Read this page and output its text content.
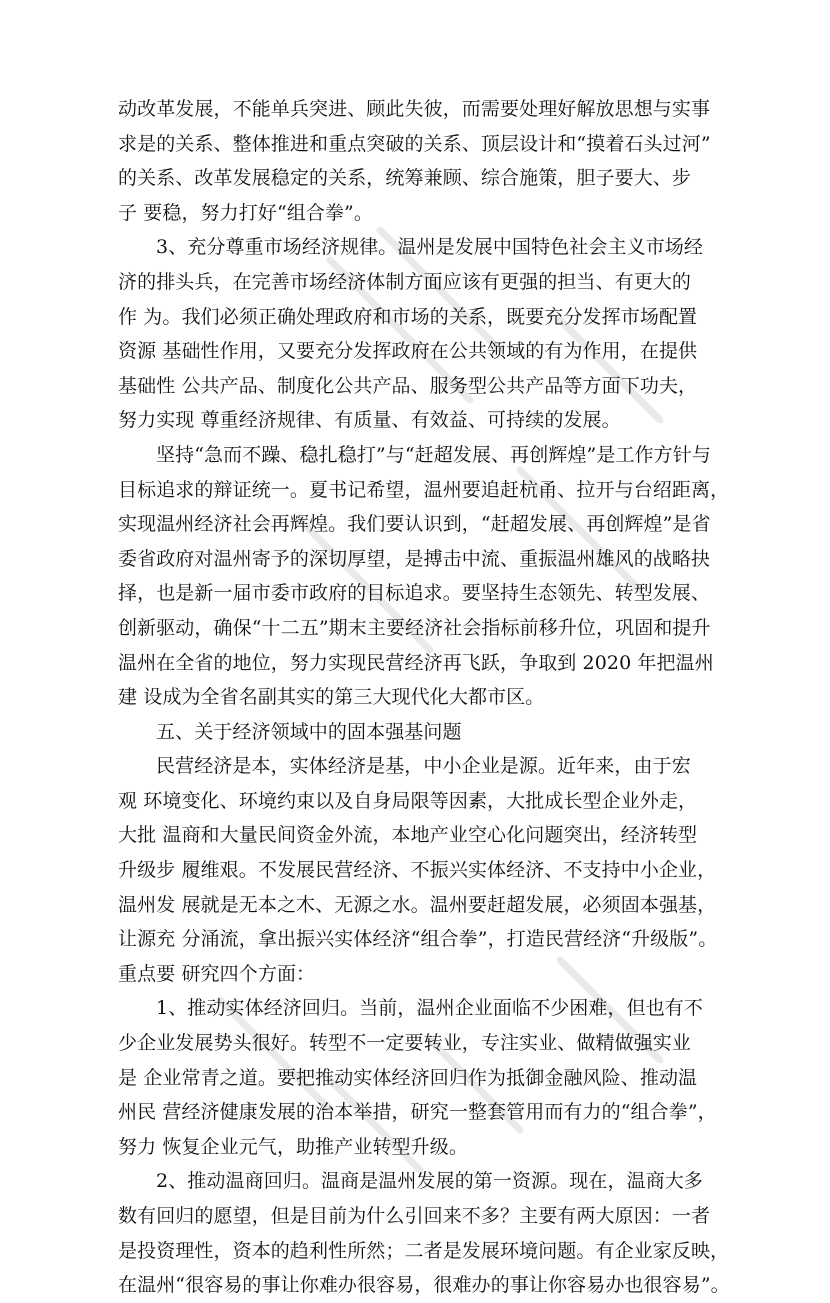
动改革发展，不能单兵突进、顾此失彼，而需要处理好解放思想与实事
求是的关系、整体推进和重点突破的关系、顶层设计和“摸着石头过河”
的关系、改革发展稳定的关系，统筹兼顾、综合施策，胆子要大、步
子 要稳，努力打好“组合拳”。
3、充分尊重市场经济规律。温州是发展中国特色社会主义市场经
济的排头兵，在完善市场经济体制方面应该有更强的担当、有更大的
作 为。我们必须正确处理政府和市场的关系，既要充分发挥市场配置
资源 基础性作用，又要充分发挥政府在公共领域的有为作用，在提供
基础性 公共产品、制度化公共产品、服务型公共产品等方面下功夫，
努力实现 尊重经济规律、有质量、有效益、可持续的发展。
坚持“急而不躁、稳扎稳打”与“赶超发展、再创辉煌”是工作方针与
目标追求的辩证统一。夏书记希望，温州要追赶杭甬、拉开与台绍距离，
实现温州经济社会再辉煌。我们要认识到，“赶超发展、再创辉煌”是省
委省政府对温州寄予的深切厚望，是搏击中流、重振温州雄风的战略抉
择，也是新一届市委市政府的目标追求。要坚持生态领先、转型发展、
创新驱动，确保“十二五”期末主要经济社会指标前移升位，巩固和提升
温州在全省的地位，努力实现民营经济再飞跃，争取到 2020 年把温州
建 设成为全省名副其实的第三大现代化大都市区。
五、关于经济领域中的固本强基问题
民营经济是本，实体经济是基，中小企业是源。近年来，由于宏
观 环境变化、环境约束以及自身局限等因素，大批成长型企业外走，
大批 温商和大量民间资金外流，本地产业空心化问题突出，经济转型
升级步 履维艰。不发展民营经济、不振兴实体经济、不支持中小企业，
温州发 展就是无本之木、无源之水。温州要赶超发展，必须固本强基，
让源充 分涌流，拿出振兴实体经济“组合拳”，打造民营经济“升级版”。
重点要 研究四个方面：
1、推动实体经济回归。当前，温州企业面临不少困难，但也有不
少企业发展势头很好。转型不一定要转业，专注实业、做精做强实业
是 企业常青之道。要把推动实体经济回归作为抵御金融风险、推动温
州民 营经济健康发展的治本举措，研究一整套管用而有力的“组合拳”，
努力 恢复企业元气，助推产业转型升级。
2、推动温商回归。温商是温州发展的第一资源。现在，温商大多
数有回归的愿望，但是目前为什么引回来不多？主要有两大原因：一者
是投资理性，资本的趋利性所然；二者是发展环境问题。有企业家反映，
在温州“很容易的事让你难办很容易，很难办的事让你容易办也很容易”。
